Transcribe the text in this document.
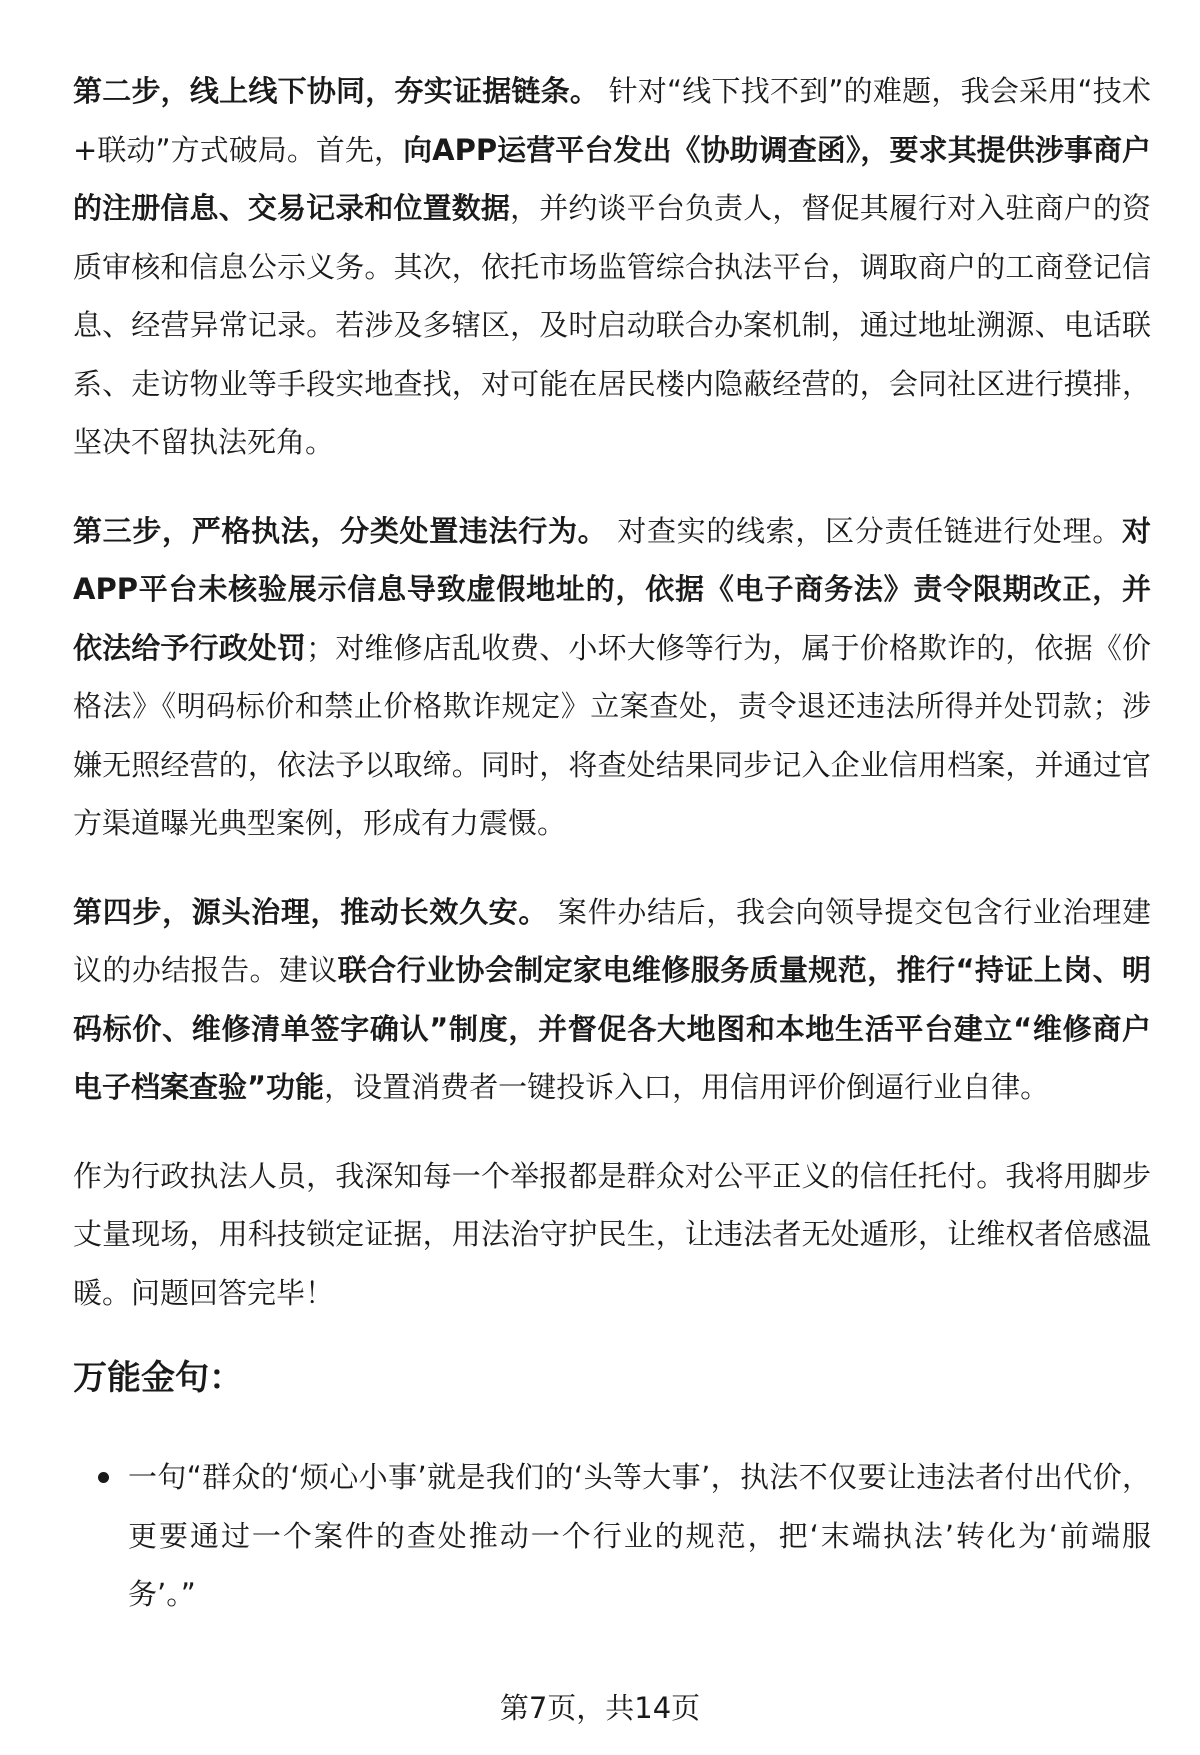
第二步，线上线下协同，夯实证据链条。 针对“线下找不到”的难题，我会采用“技术+联动”方式破局。首先，向APP运营平台发出《协助调查函》，要求其提供涉事商户的注册信息、交易记录和位置数据，并约谈平台负责人，督促其履行对入驻商户的资质审核和信息公示义务。其次，依托市场监管综合执法平台，调取商户的工商登记信息、经营异常记录。若涉及多辖区，及时启动联合办案机制，通过地址溯源、电话联系、走访物业等手段实地查找，对可能在居民楼内隐蔽经营的，会同社区进行摸排，坚决不留执法死角。

第三步，严格执法，分类处置违法行为。 对查实的线索，区分责任链进行处理。对APP平台未核验展示信息导致虚假地址的，依据《电子商务法》责令限期改正，并依法给予行政处罚；对维修店乱收费、小坏大修等行为，属于价格欺诈的，依据《价格法》《明码标价和禁止价格欺诈规定》立案查处，责令退还违法所得并处罚款；涉嫌无照经营的，依法予以取缔。同时，将查处结果同步记入企业信用档案，并通过官方渠道曝光典型案例，形成有力震慑。

第四步，源头治理，推动长效久安。 案件办结后，我会向领导提交包含行业治理建议的办结报告。建议联合行业协会制定家电维修服务质量规范，推行“持证上岗、明码标价、维修清单签字确认”制度，并督促各大地图和本地生活平台建立“维修商户电子档案查验”功能，设置消费者一键投诉入口，用信用评价倒逼行业自律。

作为行政执法人员，我深知每一个举报都是群众对公平正义的信任托付。我将用脚步丈量现场，用科技锁定证据，用法治守护民生，让违法者无处遁形，让维权者倍感温暖。问题回答完毕！

万能金句：
一句“群众的‘烦心小事’就是我们的‘头等大事’，执法不仅要让违法者付出代价，更要通过一个案件的查处推动一个行业的规范，把‘末端执法’转化为‘前端服务’。”
第7页，共14页
